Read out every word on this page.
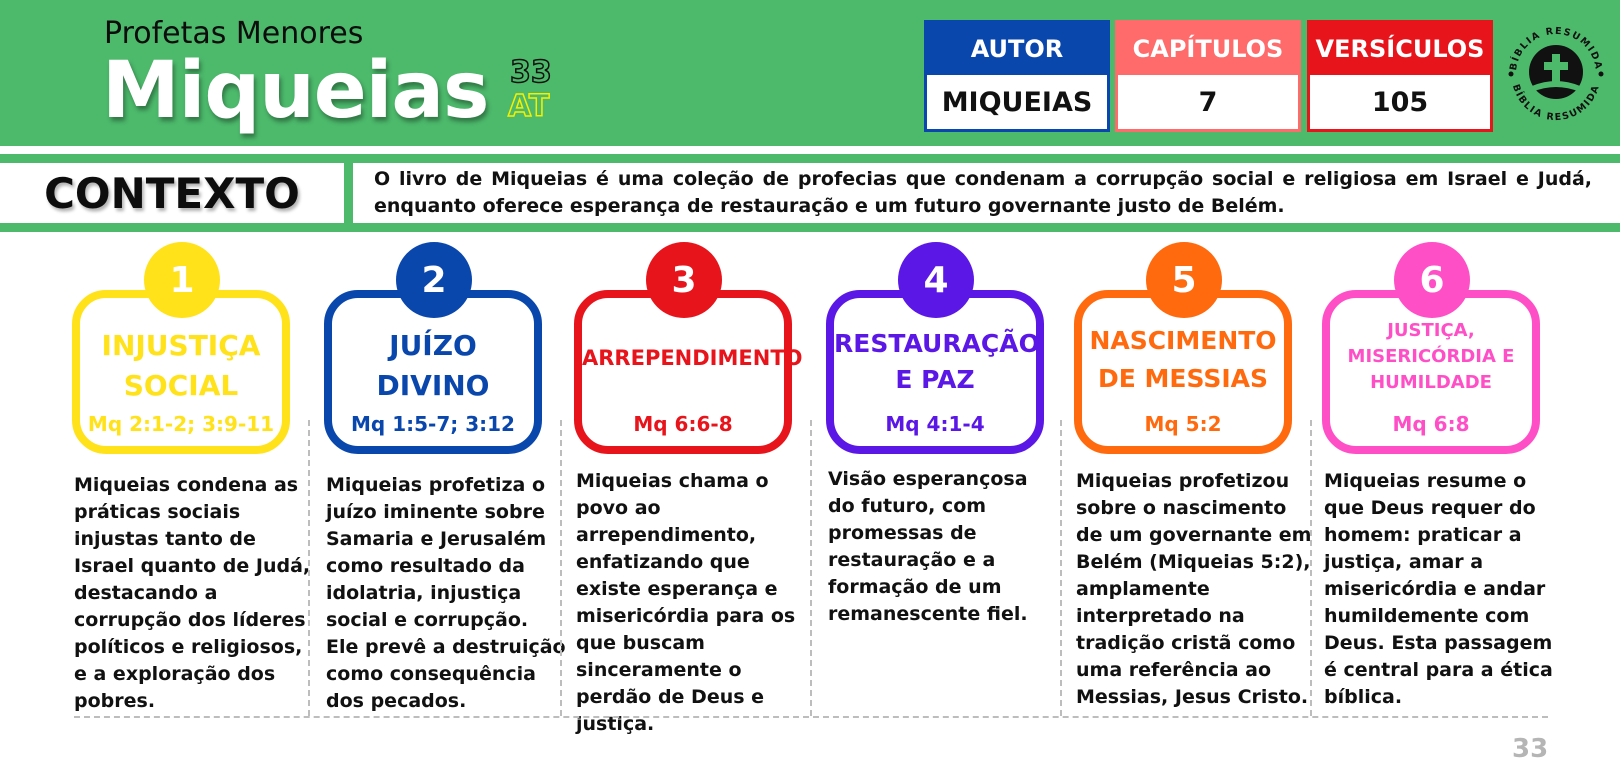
Profetas Menores
Miqueias 33
AT
AUTOR
MIQUEIAS
CAPÍTULOS
7
VERSÍCULOS
105
BÍBLIA RESUMIDA
BÍBLIA RESUMIDA
CONTEXTO	O livro de Miqueias é uma coleção de profecias que condenam a corrupção social e religiosa em Israel e Judá, enquanto oferece esperança de restauração e um futuro governante justo de Belém.
INJUSTIÇA SOCIAL
Mq 2:1-2; 3:9-11
1
Miqueias condena as práticas sociais injustas tanto de Israel quanto de Judá, destacando a corrupção dos líderes políticos e religiosos, e a exploração dos pobres.
JUÍZO DIVINO
Mq 1:5-7; 3:12
2
Miqueias profetiza o juízo iminente sobre Samaria e Jerusalém como resultado da idolatria, injustiça social e corrupção. Ele prevê a destruição como consequência dos pecados.
ARREPENDIMENTO
Mq 6:6-8
3
Miqueias chama o povo ao arrependimento, enfatizando que existe esperança e misericórdia para os que buscam sinceramente o perdão de Deus e justiça.
RESTAURAÇÃO E PAZ
Mq 4:1-4
4
Visão esperançosa do futuro, com promessas de restauração e a formação de um remanescente fiel.
NASCIMENTO DE MESSIAS
Mq 5:2
5
Miqueias profetizou sobre o nascimento de um governante em Belém (Miqueias 5:2), amplamente interpretado na tradição cristã como uma referência ao Messias, Jesus Cristo.
JUSTIÇA, MISERICÓRDIA E HUMILDADE
Mq 6:8
6
Miqueias resume o que Deus requer do homem: praticar a justiça, amar a misericórdia e andar humildemente com Deus. Esta passagem é central para a ética bíblica.
33
